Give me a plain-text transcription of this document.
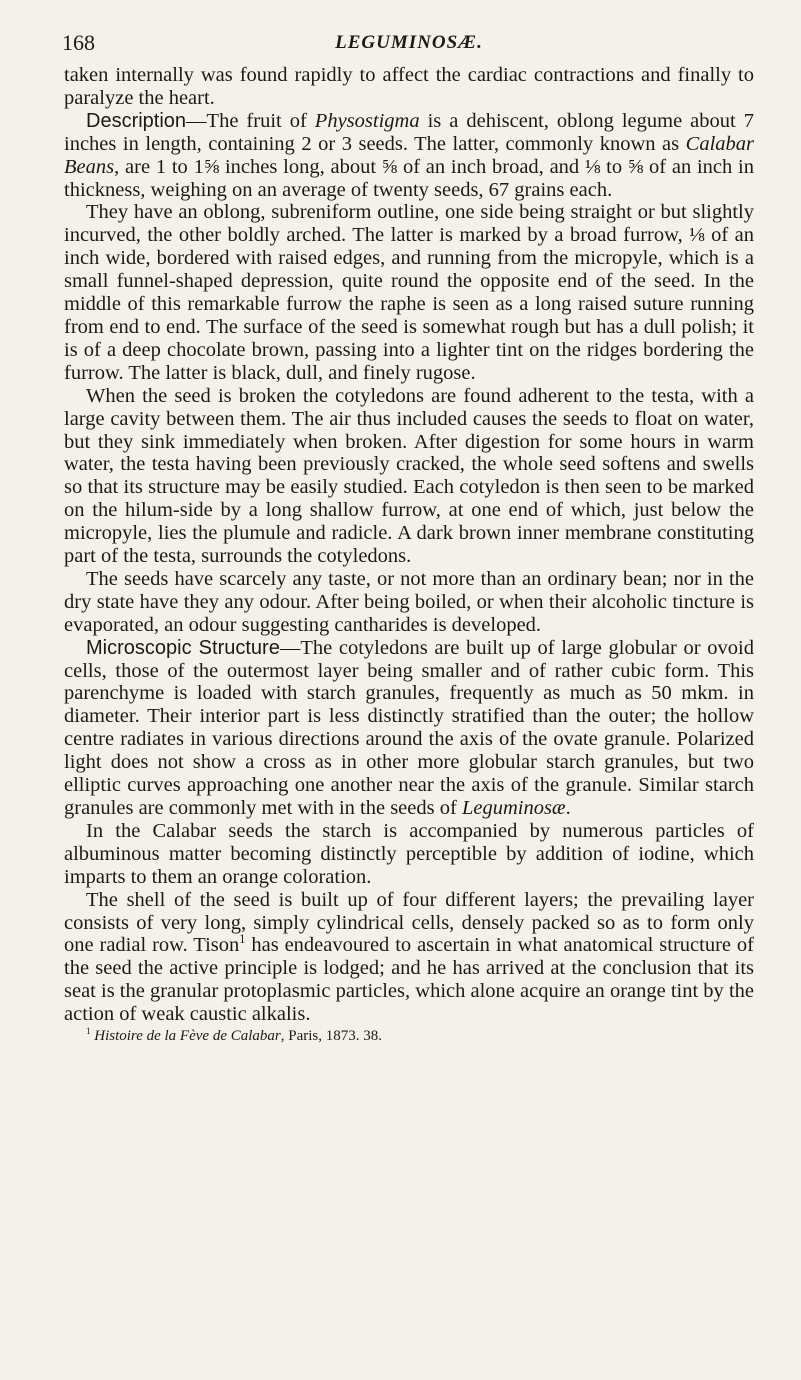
168	LEGUMINOSÆ.

taken internally was found rapidly to affect the cardiac contractions and finally to paralyze the heart.

Description—The fruit of Physostigma is a dehiscent, oblong legume about 7 inches in length, containing 2 or 3 seeds. The latter, commonly known as Calabar Beans, are 1 to 1⅝ inches long, about ⅝ of an inch broad, and ⅛ to ⅝ of an inch in thickness, weighing on an average of twenty seeds, 67 grains each.

They have an oblong, subreniform outline, one side being straight or but slightly incurved, the other boldly arched. The latter is marked by a broad furrow, ⅛ of an inch wide, bordered with raised edges, and running from the micropyle, which is a small funnel-shaped depression, quite round the opposite end of the seed. In the middle of this remarkable furrow the raphe is seen as a long raised suture running from end to end. The surface of the seed is somewhat rough but has a dull polish; it is of a deep chocolate brown, passing into a lighter tint on the ridges bordering the furrow. The latter is black, dull, and finely rugose.

When the seed is broken the cotyledons are found adherent to the testa, with a large cavity between them. The air thus included causes the seeds to float on water, but they sink immediately when broken. After digestion for some hours in warm water, the testa having been previously cracked, the whole seed softens and swells so that its structure may be easily studied. Each cotyledon is then seen to be marked on the hilum-side by a long shallow furrow, at one end of which, just below the micropyle, lies the plumule and radicle. A dark brown inner membrane constituting part of the testa, surrounds the cotyledons.

The seeds have scarcely any taste, or not more than an ordinary bean; nor in the dry state have they any odour. After being boiled, or when their alcoholic tincture is evaporated, an odour suggesting cantharides is developed.

Microscopic Structure—The cotyledons are built up of large globular or ovoid cells, those of the outermost layer being smaller and of rather cubic form. This parenchyme is loaded with starch granules, frequently as much as 50 mkm. in diameter. Their interior part is less distinctly stratified than the outer; the hollow centre radiates in various directions around the axis of the ovate granule. Polarized light does not show a cross as in other more globular starch granules, but two elliptic curves approaching one another near the axis of the granule. Similar starch granules are commonly met with in the seeds of Leguminosæ.

In the Calabar seeds the starch is accompanied by numerous particles of albuminous matter becoming distinctly perceptible by addition of iodine, which imparts to them an orange coloration.

The shell of the seed is built up of four different layers; the prevailing layer consists of very long, simply cylindrical cells, densely packed so as to form only one radial row. Tison$^1$ has endeavoured to ascertain in what anatomical structure of the seed the active principle is lodged; and he has arrived at the conclusion that its seat is the granular protoplasmic particles, which alone acquire an orange tint by the action of weak caustic alkalis.

$^1$ Histoire de la Fève de Calabar, Paris, 1873. 38.
